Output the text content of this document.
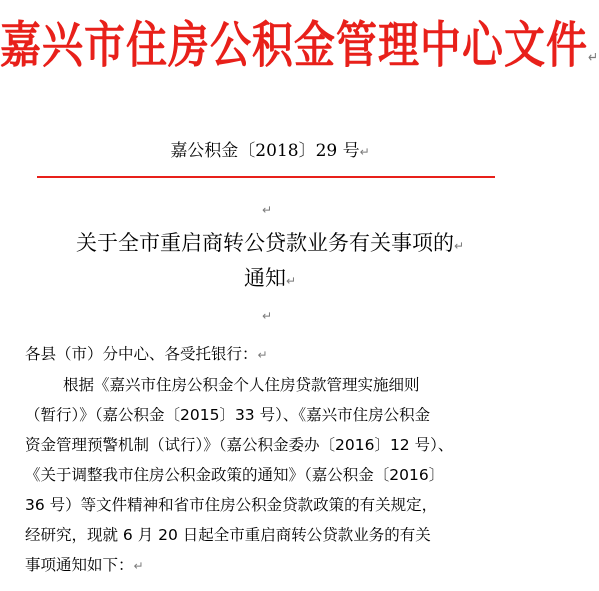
嘉兴市住房公积金管理中心文件↵
嘉公积金〔2018〕29 号↵
↵
关于全市重启商转公贷款业务有关事项的↵
通知↵
↵
各县（市）分中心、各受托银行：↵
根据《嘉兴市住房公积金个人住房贷款管理实施细则
（暂行）》（嘉公积金〔2015〕33 号）、《嘉兴市住房公积金
资金管理预警机制（试行）》（嘉公积金委办〔2016〕12 号）、
《关于调整我市住房公积金政策的通知》（嘉公积金〔2016〕
36 号）等文件精神和省市住房公积金贷款政策的有关规定，
经研究，现就 6 月 20 日起全市重启商转公贷款业务的有关
事项通知如下：↵
